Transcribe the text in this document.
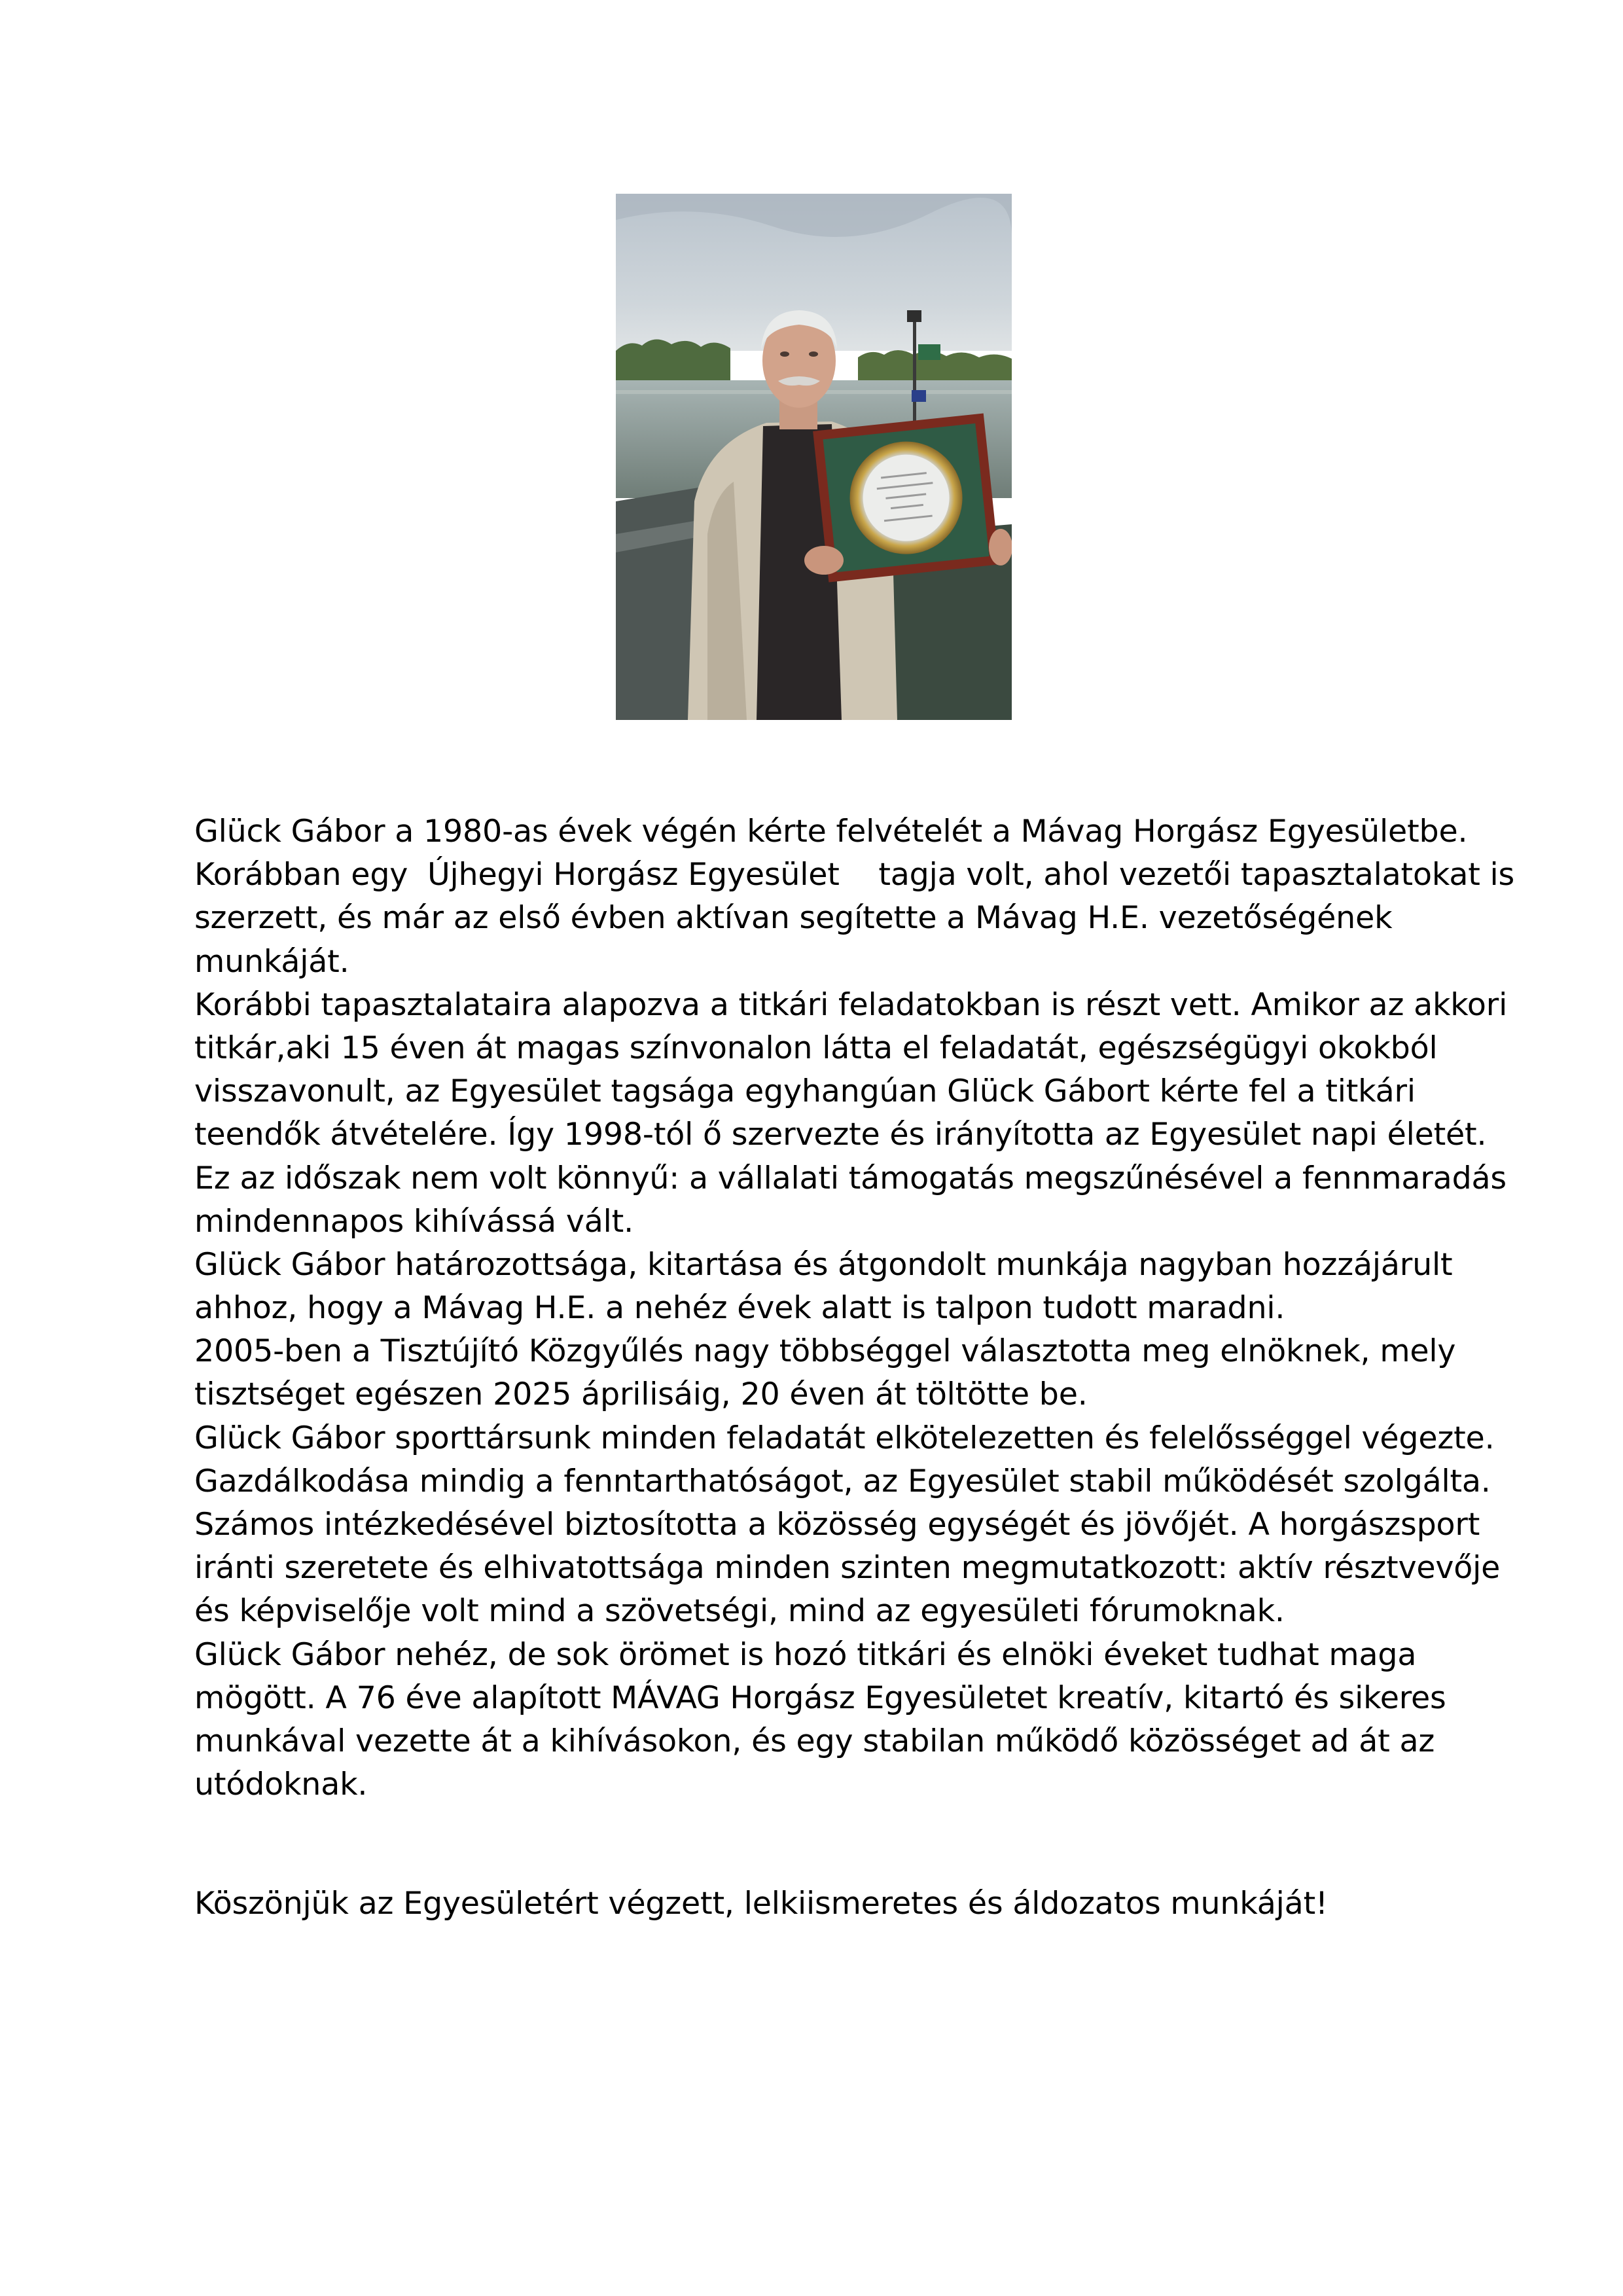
Glück Gábor a 1980-as évek végén kérte felvételét a Mávag Horgász Egyesületbe.
Korábban egy  Újhegyi Horgász Egyesület    tagja volt, ahol vezetői tapasztalatokat is
szerzett, és már az első évben aktívan segítette a Mávag H.E. vezetőségének
munkáját.
Korábbi tapasztalataira alapozva a titkári feladatokban is részt vett. Amikor az akkori
titkár,aki 15 éven át magas színvonalon látta el feladatát, egészségügyi okokból
visszavonult, az Egyesület tagsága egyhangúan Glück Gábort kérte fel a titkári
teendők átvételére. Így 1998-tól ő szervezte és irányította az Egyesület napi életét.
Ez az időszak nem volt könnyű: a vállalati támogatás megszűnésével a fennmaradás
mindennapos kihívássá vált.
Glück Gábor határozottsága, kitartása és átgondolt munkája nagyban hozzájárult
ahhoz, hogy a Mávag H.E. a nehéz évek alatt is talpon tudott maradni.
2005-ben a Tisztújító Közgyűlés nagy többséggel választotta meg elnöknek, mely
tisztséget egészen 2025 áprilisáig, 20 éven át töltötte be.
Glück Gábor sporttársunk minden feladatát elkötelezetten és felelősséggel végezte.
Gazdálkodása mindig a fenntarthatóságot, az Egyesület stabil működését szolgálta.
Számos intézkedésével biztosította a közösség egységét és jövőjét. A horgászsport
iránti szeretete és elhivatottsága minden szinten megmutatkozott: aktív résztvevője
és képviselője volt mind a szövetségi, mind az egyesületi fórumoknak.
Glück Gábor nehéz, de sok örömet is hozó titkári és elnöki éveket tudhat maga
mögött. A 76 éve alapított MÁVAG Horgász Egyesületet kreatív, kitartó és sikeres
munkával vezette át a kihívásokon, és egy stabilan működő közösséget ad át az
utódoknak.
Köszönjük az Egyesületért végzett, lelkiismeretes és áldozatos munkáját!
